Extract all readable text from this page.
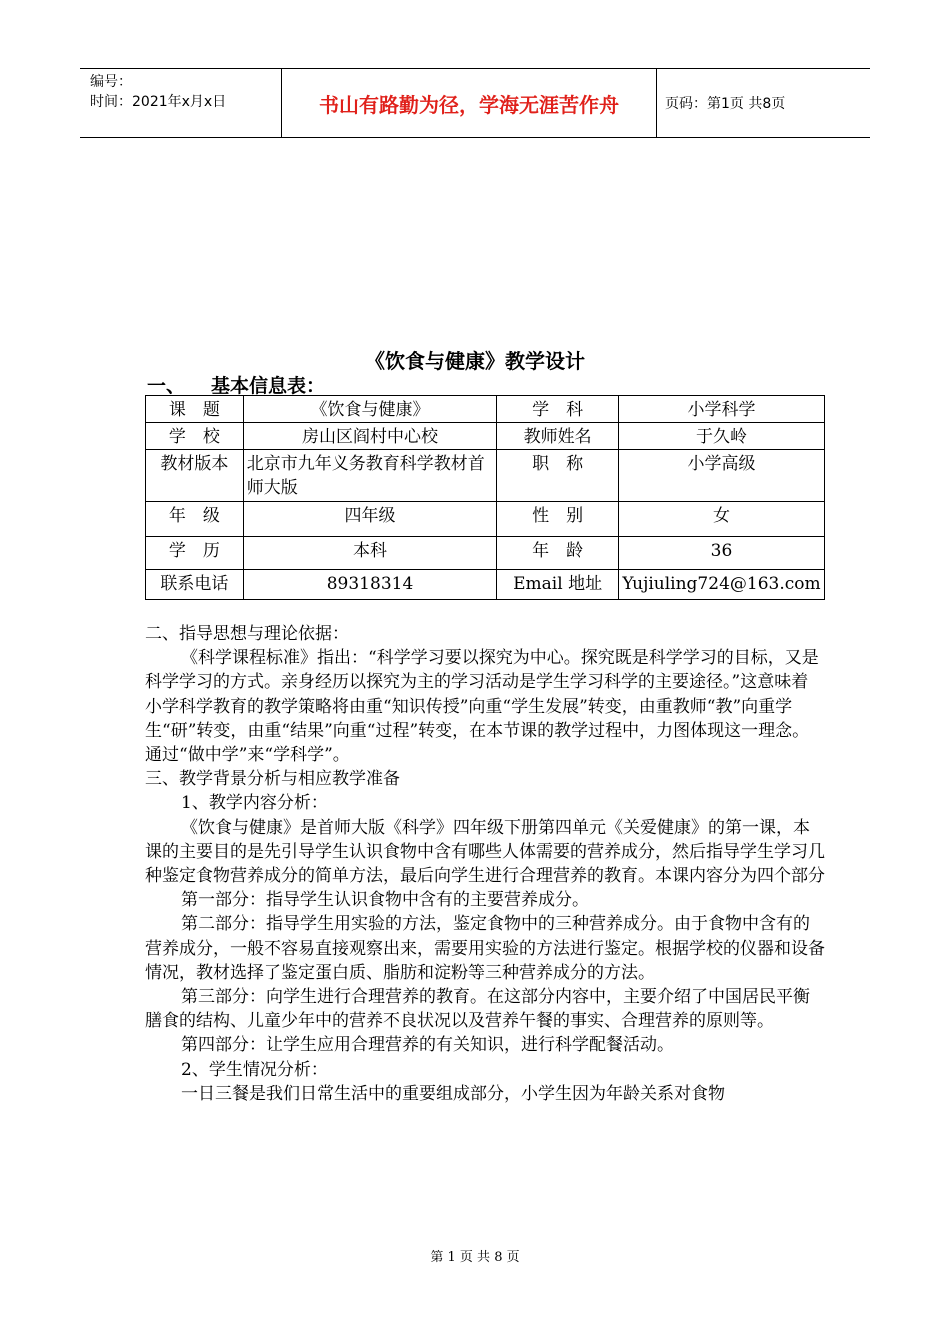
编号：
时间：2021年x月x日	书山有路勤为径，学海无涯苦作舟	页码：第1页 共8页
《饮食与健康》教学设计
一、 基本信息表：
课　题	《饮食与健康》	学　科	小学科学
学　校	房山区阎村中心校	教师姓名	于久岭
教材版本	北京市九年义务教育科学教材首师大版	职　称	小学高级
年　级	四年级	性　别	女
学　历	本科	年　龄	36
联系电话	89318314	Email 地址	Yujiuling724@163.com

二、指导思想与理论依据：

《科学课程标准》指出：“科学学习要以探究为中心。探究既是科学学习的目标，又是科学学习的方式。亲身经历以探究为主的学习活动是学生学习科学的主要途径。”这意味着小学科学教育的教学策略将由重“知识传授”向重“学生发展”转变，由重教师“教”向重学生“研”转变，由重“结果”向重“过程”转变，在本节课的教学过程中，力图体现这一理念。通过“做中学”来“学科学”。

三、教学背景分析与相应教学准备

1、教学内容分析：

《饮食与健康》是首师大版《科学》四年级下册第四单元《关爱健康》的第一课，本课的主要目的是先引导学生认识食物中含有哪些人体需要的营养成分，然后指导学生学习几种鉴定食物营养成分的简单方法，最后向学生进行合理营养的教育。本课内容分为四个部分

第一部分：指导学生认识食物中含有的主要营养成分。

第二部分：指导学生用实验的方法，鉴定食物中的三种营养成分。由于食物中含有的营养成分，一般不容易直接观察出来，需要用实验的方法进行鉴定。根据学校的仪器和设备情况，教材选择了鉴定蛋白质、脂肪和淀粉等三种营养成分的方法。

第三部分：向学生进行合理营养的教育。在这部分内容中，主要介绍了中国居民平衡膳食的结构、儿童少年中的营养不良状况以及营养午餐的事实、合理营养的原则等。

第四部分：让学生应用合理营养的有关知识，进行科学配餐活动。

2、学生情况分析：

一日三餐是我们日常生活中的重要组成部分，小学生因为年龄关系对食物

第 1 页 共 8 页
